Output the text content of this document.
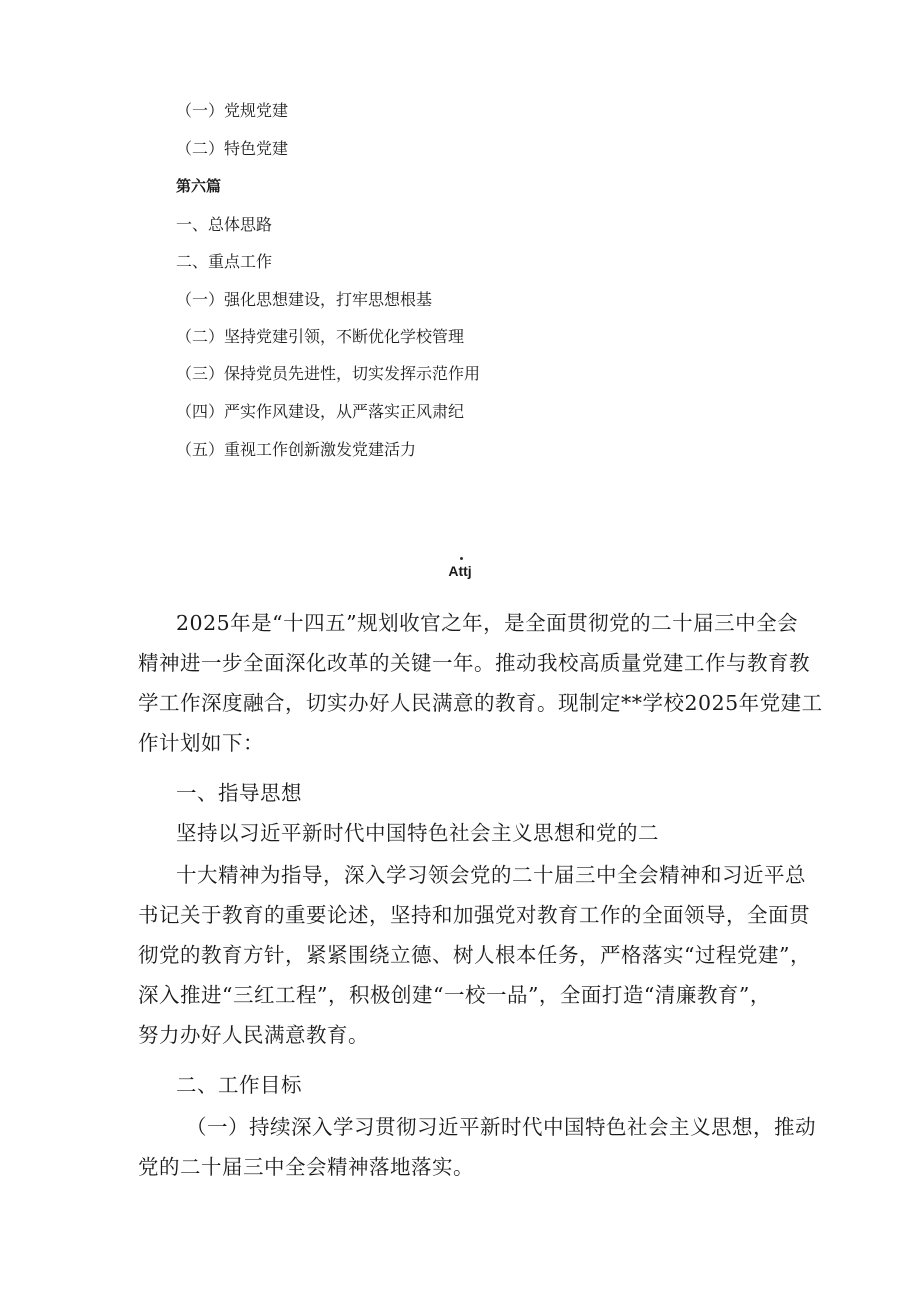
（一）党规党建
（二）特色党建
第六篇
一、总体思路
二、重点工作
（一）强化思想建设，打牢思想根基
（二）坚持党建引领，不断优化学校管理
（三）保持党员先进性，切实发挥示范作用
（四）严实作风建设，从严落实正风肃纪
（五）重视工作创新激发党建活力
Attj
2025年是“十四五”规划收官之年，是全面贯彻党的二十届三中全会
精神进一步全面深化改革的关键一年。推动我校高质量党建工作与教育教
学工作深度融合，切实办好人民满意的教育。现制定**学校2025年党建工
作计划如下：
一、指导思想
坚持以习近平新时代中国特色社会主义思想和党的二
十大精神为指导，深入学习领会党的二十届三中全会精神和习近平总
书记关于教育的重要论述，坚持和加强党对教育工作的全面领导，全面贯
彻党的教育方针，紧紧围绕立德、树人根本任务，严格落实“过程党建”，
深入推进“三红工程”，积极创建“一校一品”，全面打造“清廉教育”，
努力办好人民满意教育。
二、工作目标
（一）持续深入学习贯彻习近平新时代中国特色社会主义思想，推动
党的二十届三中全会精神落地落实。
